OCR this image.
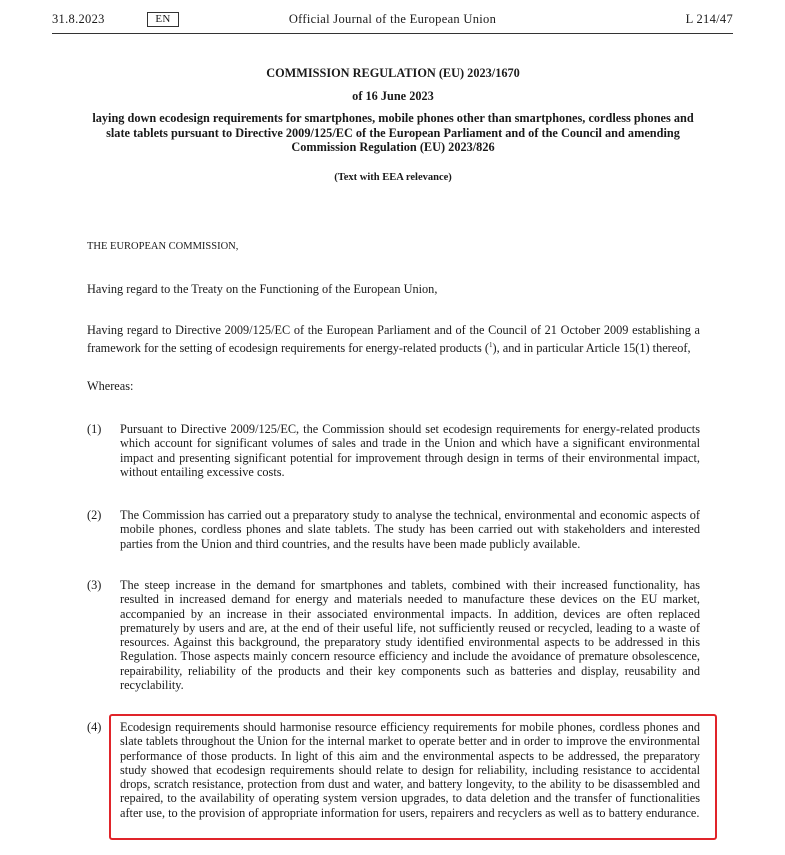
31.8.2023	EN	Official Journal of the European Union	L 214/47
COMMISSION REGULATION (EU) 2023/1670
of 16 June 2023
laying down ecodesign requirements for smartphones, mobile phones other than smartphones, cordless phones and slate tablets pursuant to Directive 2009/125/EC of the European Parliament and of the Council and amending Commission Regulation (EU) 2023/826
(Text with EEA relevance)
THE EUROPEAN COMMISSION,
Having regard to the Treaty on the Functioning of the European Union,
Having regard to Directive 2009/125/EC of the European Parliament and of the Council of 21 October 2009 establishing a framework for the setting of ecodesign requirements for energy-related products ($^1$), and in particular Article 15(1) thereof,
Whereas:
(1) Pursuant to Directive 2009/125/EC, the Commission should set ecodesign requirements for energy-related products which account for significant volumes of sales and trade in the Union and which have a significant environmental impact and presenting significant potential for improvement through design in terms of their environmental impact, without entailing excessive costs.
(2) The Commission has carried out a preparatory study to analyse the technical, environmental and economic aspects of mobile phones, cordless phones and slate tablets. The study has been carried out with stakeholders and interested parties from the Union and third countries, and the results have been made publicly available.
(3) The steep increase in the demand for smartphones and tablets, combined with their increased functionality, has resulted in increased demand for energy and materials needed to manufacture these devices on the EU market, accompanied by an increase in their associated environmental impacts. In addition, devices are often replaced prematurely by users and are, at the end of their useful life, not sufficiently reused or recycled, leading to a waste of resources. Against this background, the preparatory study identified environmental aspects to be addressed in this Regulation. Those aspects mainly concern resource efficiency and include the avoidance of premature obsolescence, repairability, reliability of the products and their key components such as batteries and display, reusability and recyclability.
(4) Ecodesign requirements should harmonise resource efficiency requirements for mobile phones, cordless phones and slate tablets throughout the Union for the internal market to operate better and in order to improve the environmental performance of those products. In light of this aim and the environmental aspects to be addressed, the preparatory study showed that ecodesign requirements should relate to design for reliability, including resistance to accidental drops, scratch resistance, protection from dust and water, and battery longevity, to the ability to be disassembled and repaired, to the availability of operating system version upgrades, to data deletion and the transfer of functionalities after use, to the provision of appropriate information for users, repairers and recyclers as well as to battery endurance.
